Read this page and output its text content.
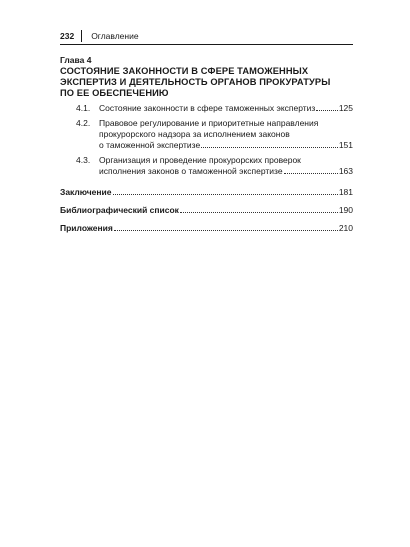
232 Оглавление
Глава 4
СОСТОЯНИЕ ЗАКОННОСТИ В СФЕРЕ ТАМОЖЕННЫХ
ЭКСПЕРТИЗ И ДЕЯТЕЛЬНОСТЬ ОРГАНОВ ПРОКУРАТУРЫ
ПО ЕЕ ОБЕСПЕЧЕНИЮ
4.1.	Состояние законности в сфере таможенных экспертиз	125
4.2.	Правовое регулирование и приоритетные направления
прокурорского надзора за исполнением законов
о таможенной экспертизе	151
4.3.	Организация и проведение прокурорских проверок
исполнения законов о таможенной экспертизе	163
Заключение	181
Библиографический список	190
Приложения	210
